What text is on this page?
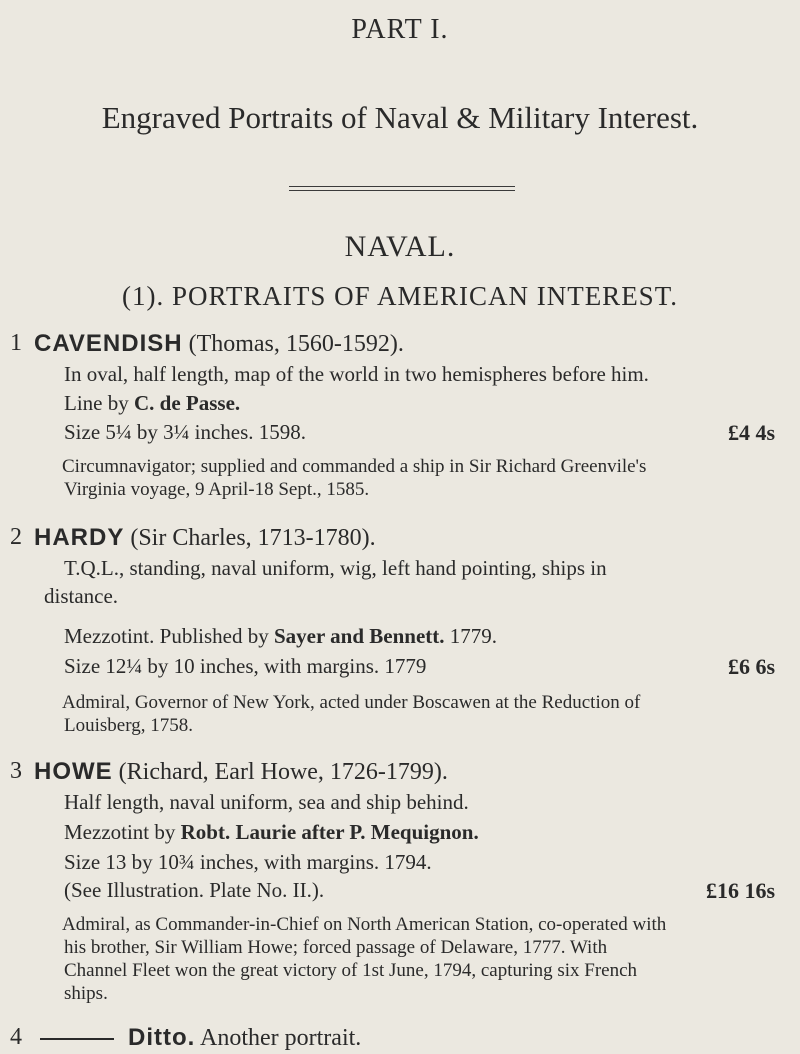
PART I.
Engraved Portraits of Naval & Military Interest.
NAVAL.
(1). PORTRAITS OF AMERICAN INTEREST.
1 CAVENDISH (Thomas, 1560-1592).
In oval, half length, map of the world in two hemispheres before him.
Line by C. de Passe.
Size 5¼ by 3¼ inches. 1598.	£4 4s
Circumnavigator; supplied and commanded a ship in Sir Richard Greenvile's
Virginia voyage, 9 April-18 Sept., 1585.
2 HARDY (Sir Charles, 1713-1780).
T.Q.L., standing, naval uniform, wig, left hand pointing, ships in
distance.
Mezzotint. Published by Sayer and Bennett. 1779.
Size 12¼ by 10 inches, with margins. 1779	£6 6s
Admiral, Governor of New York, acted under Boscawen at the Reduction of
Louisberg, 1758.
3 HOWE (Richard, Earl Howe, 1726-1799).
Half length, naval uniform, sea and ship behind.
Mezzotint by Robt. Laurie after P. Mequignon.
Size 13 by 10¾ inches, with margins. 1794.
(See Illustration. Plate No. II.).	£16 16s
Admiral, as Commander-in-Chief on North American Station, co-operated with
his brother, Sir William Howe; forced passage of Delaware, 1777. With
Channel Fleet won the great victory of 1st June, 1794, capturing six French
ships.
4	Ditto. Another portrait.
